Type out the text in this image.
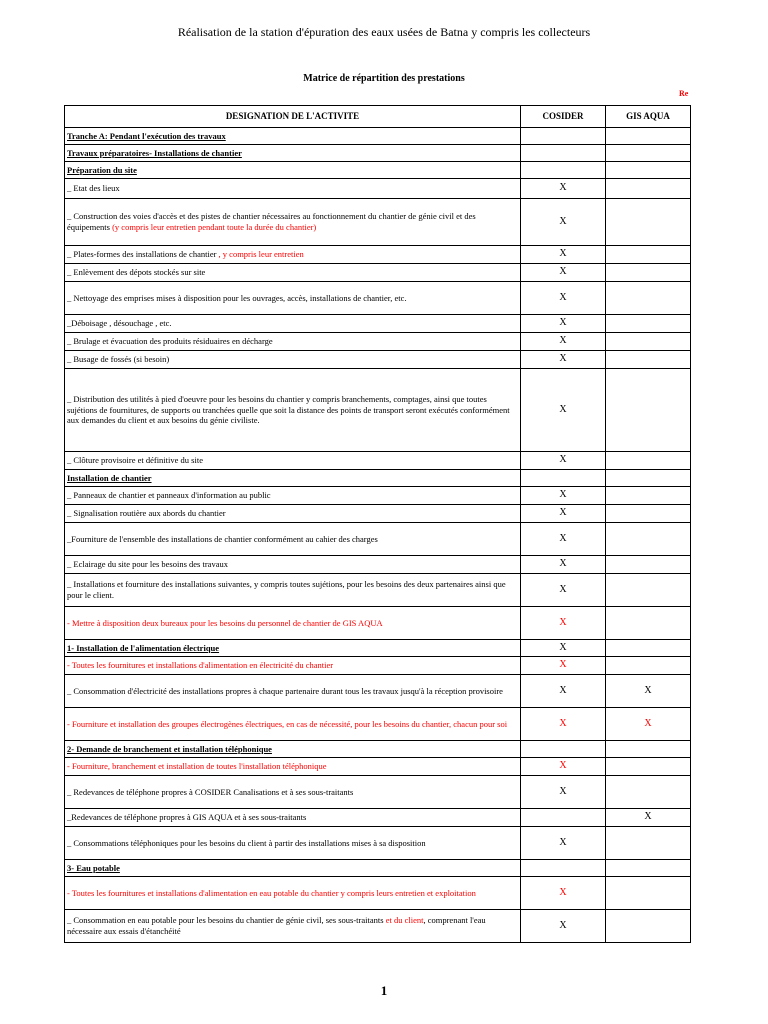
Réalisation de la station d'épuration des eaux usées de Batna y compris les collecteurs
Matrice de répartition des prestations
Re
DESIGNATION DE L'ACTIVITE	COSIDER	GIS AQUA
Tranche A: Pendant l'exécution des travaux		
Travaux préparatoires- Installations de chantier		
Préparation du site		
_ Etat des lieux	X	
_ Construction des voies d'accès et des pistes de chantier nécessaires au fonctionnement du chantier de génie civil et des équipements (y compris leur entretien pendant toute la durée du chantier)	X	
_ Plates-formes des installations de chantier , y compris leur entretien	X	
_ Enlèvement des dépots stockés sur site	X	
_ Nettoyage des emprises mises à disposition pour les ouvrages, accès, installations de chantier, etc.	X	
_Déboisage , désouchage , etc.	X	
_ Brulage et évacuation des produits résiduaires en décharge	X	
_ Busage de fossés (si besoin)	X	
_ Distribution des utilités à pied d'oeuvre pour les besoins du chantier y compris branchements, comptages, ainsi que toutes sujétions de fournitures, de supports ou tranchées quelle que soit la distance des points de transport seront exécutés conformément aux demandes du client et aux besoins du génie civiliste.	X	
_ Clôture provisoire et définitive du site	X	
Installation de chantier		
_ Panneaux de chantier et panneaux d'information au public	X	
_ Signalisation routière aux abords du chantier	X	
_Fourniture de l'ensemble des installations de chantier conformément au cahier des charges	X	
_ Eclairage du site pour les besoins des travaux	X	
_ Installations et fourniture des installations suivantes, y compris toutes sujétions, pour les besoins des deux partenaires ainsi que pour le client.	X	
- Mettre à disposition deux bureaux pour les besoins du personnel de chantier de GIS AQUA	X	
1- Installation de l'alimentation électrique	X	
- Toutes les fournitures et installations d'alimentation en électricité du chantier	X	
_ Consommation d'électricité des installations propres à chaque partenaire durant tous les travaux jusqu'à la réception provisoire	X	X
- Fourniture et installation des groupes électrogènes électriques, en cas de nécessité, pour les besoins du chantier, chacun pour soi	X	X
2- Demande de branchement et installation téléphonique		
- Fourniture, branchement et installation de toutes l'installation téléphonique	X	
_ Redevances de téléphone propres à COSIDER Canalisations et à ses sous-traitants	X	
_Redevances de téléphone propres à GIS AQUA et à ses sous-traitants		X
_ Consommations téléphoniques pour les besoins du client à partir des installations mises à sa disposition	X	
3- Eau potable		
- Toutes les fournitures et installations d'alimentation en eau potable du chantier y compris leurs entretien et exploitation	X	
_ Consommation en eau potable pour les besoins du chantier de génie civil, ses sous-traitants et du client, comprenant l'eau nécessaire aux essais d'étanchéité	X	
1
